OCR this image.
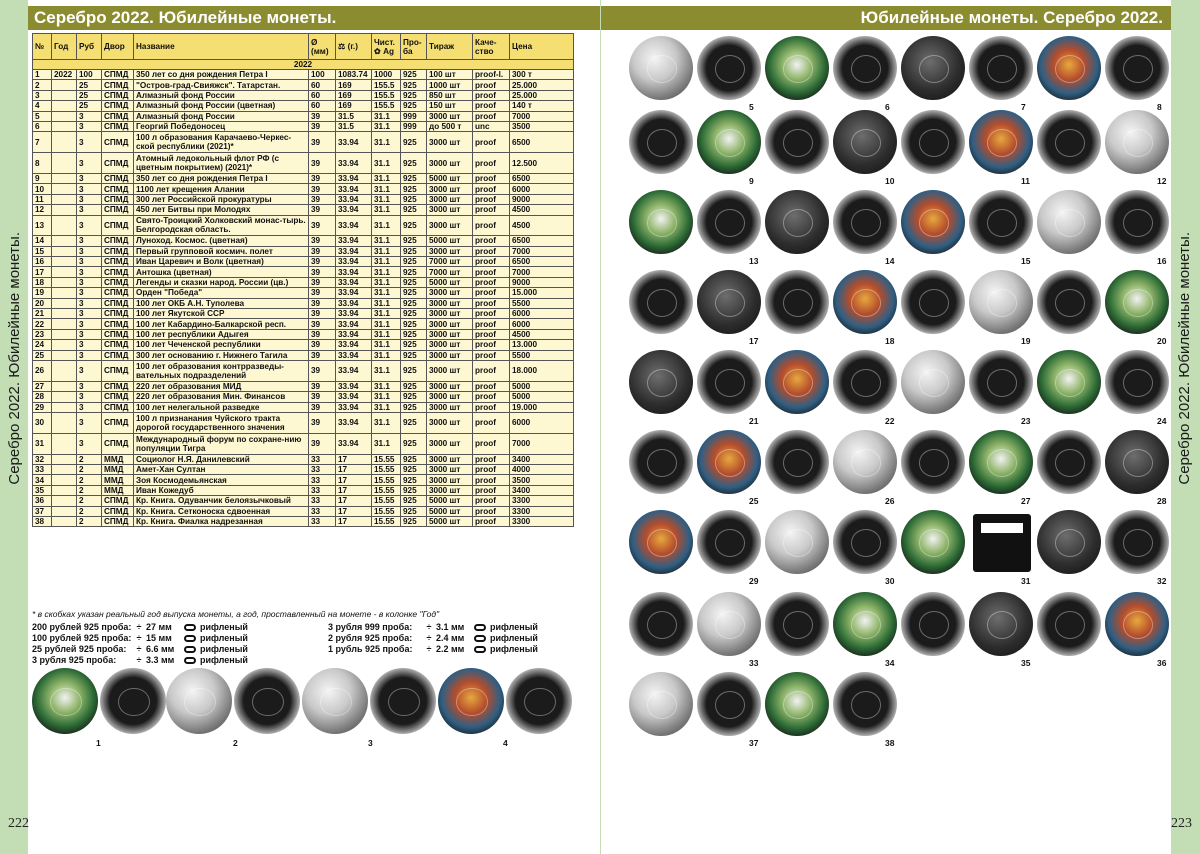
Серебро 2022. Юбилейные монеты.
№	Год	Руб	Двор	Название	Ø (мм)	⚖ (г.)	Чист. ✿ Ag	Про-ба	Тираж	Каче-ство	Цена
2022											
1	2022	100	СПМД	350 лет со дня рождения Петра I	100	1083.74	1000	925	100 шт	proof-l.	300 т
2		25	СПМД	"Остров-град-Свияжск". Татарстан.	60	169	155.5	925	1000 шт	proof	25.000
3		25	СПМД	Алмазный фонд России	60	169	155.5	925	850 шт	proof	25.000
4		25	СПМД	Алмазный фонд России (цветная)	60	169	155.5	925	150 шт	proof	140 т
5		3	СПМД	Алмазный фонд России	39	31.5	31.1	999	3000 шт	proof	7000
6		3	СПМД	Георгий Победоносец	39	31.5	31.1	999	до 500 т	unc	3500
7		3	СПМД	100 л образования Карачаево-Черкес-ской республики (2021)*	39	33.94	31.1	925	3000 шт	proof	6500
8		3	СПМД	Атомный ледокольный флот РФ (с цветным покрытием) (2021)*	39	33.94	31.1	925	3000 шт	proof	12.500
9		3	СПМД	350 лет со дня рождения Петра I	39	33.94	31.1	925	5000 шт	proof	6500
10		3	СПМД	1100 лет крещения Алании	39	33.94	31.1	925	3000 шт	proof	6000
11		3	СПМД	300 лет Российской прокуратуры	39	33.94	31.1	925	3000 шт	proof	9000
12		3	СПМД	450 лет Битвы при Молодях	39	33.94	31.1	925	3000 шт	proof	4500
13		3	СПМД	Свято-Троицкий Холковский монас-тырь. Белгородская область.	39	33.94	31.1	925	3000 шт	proof	4500
14		3	СПМД	Луноход. Космос. (цветная)	39	33.94	31.1	925	5000 шт	proof	6500
15		3	СПМД	Первый групповой космич. полет	39	33.94	31.1	925	3000 шт	proof	7000
16		3	СПМД	Иван Царевич и Волк (цветная)	39	33.94	31.1	925	7000 шт	proof	6500
17		3	СПМД	Антошка (цветная)	39	33.94	31.1	925	7000 шт	proof	7000
18		3	СПМД	Легенды и сказки народ. России (цв.)	39	33.94	31.1	925	5000 шт	proof	9000
19		3	СПМД	Орден "Победа"	39	33.94	31.1	925	3000 шт	proof	15.000
20		3	СПМД	100 лет ОКБ А.Н. Туполева	39	33.94	31.1	925	3000 шт	proof	5500
21		3	СПМД	100 лет Якутской ССР	39	33.94	31.1	925	3000 шт	proof	6000
22		3	СПМД	100 лет Кабардино-Балкарской респ.	39	33.94	31.1	925	3000 шт	proof	6000
23		3	СПМД	100 лет республики Адыгея	39	33.94	31.1	925	3000 шт	proof	4500
24		3	СПМД	100 лет Чеченской республики	39	33.94	31.1	925	3000 шт	proof	13.000
25		3	СПМД	300 лет основанию г. Нижнего Тагила	39	33.94	31.1	925	3000 шт	proof	5500
26		3	СПМД	100 лет образования контрразведы-вательных подразделений	39	33.94	31.1	925	3000 шт	proof	18.000
27		3	СПМД	220 лет образования МИД	39	33.94	31.1	925	3000 шт	proof	5000
28		3	СПМД	220 лет образования Мин. Финансов	39	33.94	31.1	925	3000 шт	proof	5000
29		3	СПМД	100 лет нелегальной разведке	39	33.94	31.1	925	3000 шт	proof	19.000
30		3	СПМД	100 л признанания Чуйского тракта дорогой государственного значения	39	33.94	31.1	925	3000 шт	proof	6000
31		3	СПМД	Международный форум по сохране-нию популяции Тигра	39	33.94	31.1	925	3000 шт	proof	7000
32		2	ММД	Социолог Н.Я. Данилевский	33	17	15.55	925	3000 шт	proof	3400
33		2	ММД	Амет-Хан Султан	33	17	15.55	925	3000 шт	proof	4000
34		2	ММД	Зоя Космодемьянская	33	17	15.55	925	3000 шт	proof	3500
35		2	ММД	Иван Кожедуб	33	17	15.55	925	3000 шт	proof	3400
36		2	СПМД	Кр. Книга. Одуванчик белоязычковый	33	17	15.55	925	5000 шт	proof	3300
37		2	СПМД	Кр. Книга. Сетконоска сдвоенная	33	17	15.55	925	5000 шт	proof	3300
38		2	СПМД	Кр. Книга. Фиалка надрезанная	33	17	15.55	925	5000 шт	proof	3300
* в скобках указан реальный год выпуска монеты, а год, проставленный на монете - в колонке "Год"
200 рублей 925 проба: ÷ 27 мм	рифленый
100 рублей 925 проба: ÷ 15 мм	рифленый
25 рублей 925 проба:	÷ 6.6 мм	рифленый
3 рубля 925 проба:	÷ 3.3 мм	рифленый
3 рубля 999 проба:	÷ 3.1 мм	рифленый
2 рубля 925 проба:	÷ 2.4 мм	рифленый
1 рубль 925 проба:	÷ 2.2 мм	рифленый
1	2	3	4
Юбилейные монеты. Серебро 2022.
5	6	7	8
9	10	11	12
13	14	15	16
17	18	19	20
21	22	23	24
25	26	27	28
29	30	31	32
33	34	35	36
37	38
Серебро 2022. Юбилейные монеты.	Серебро 2022. Юбилейные монеты.
222	223
